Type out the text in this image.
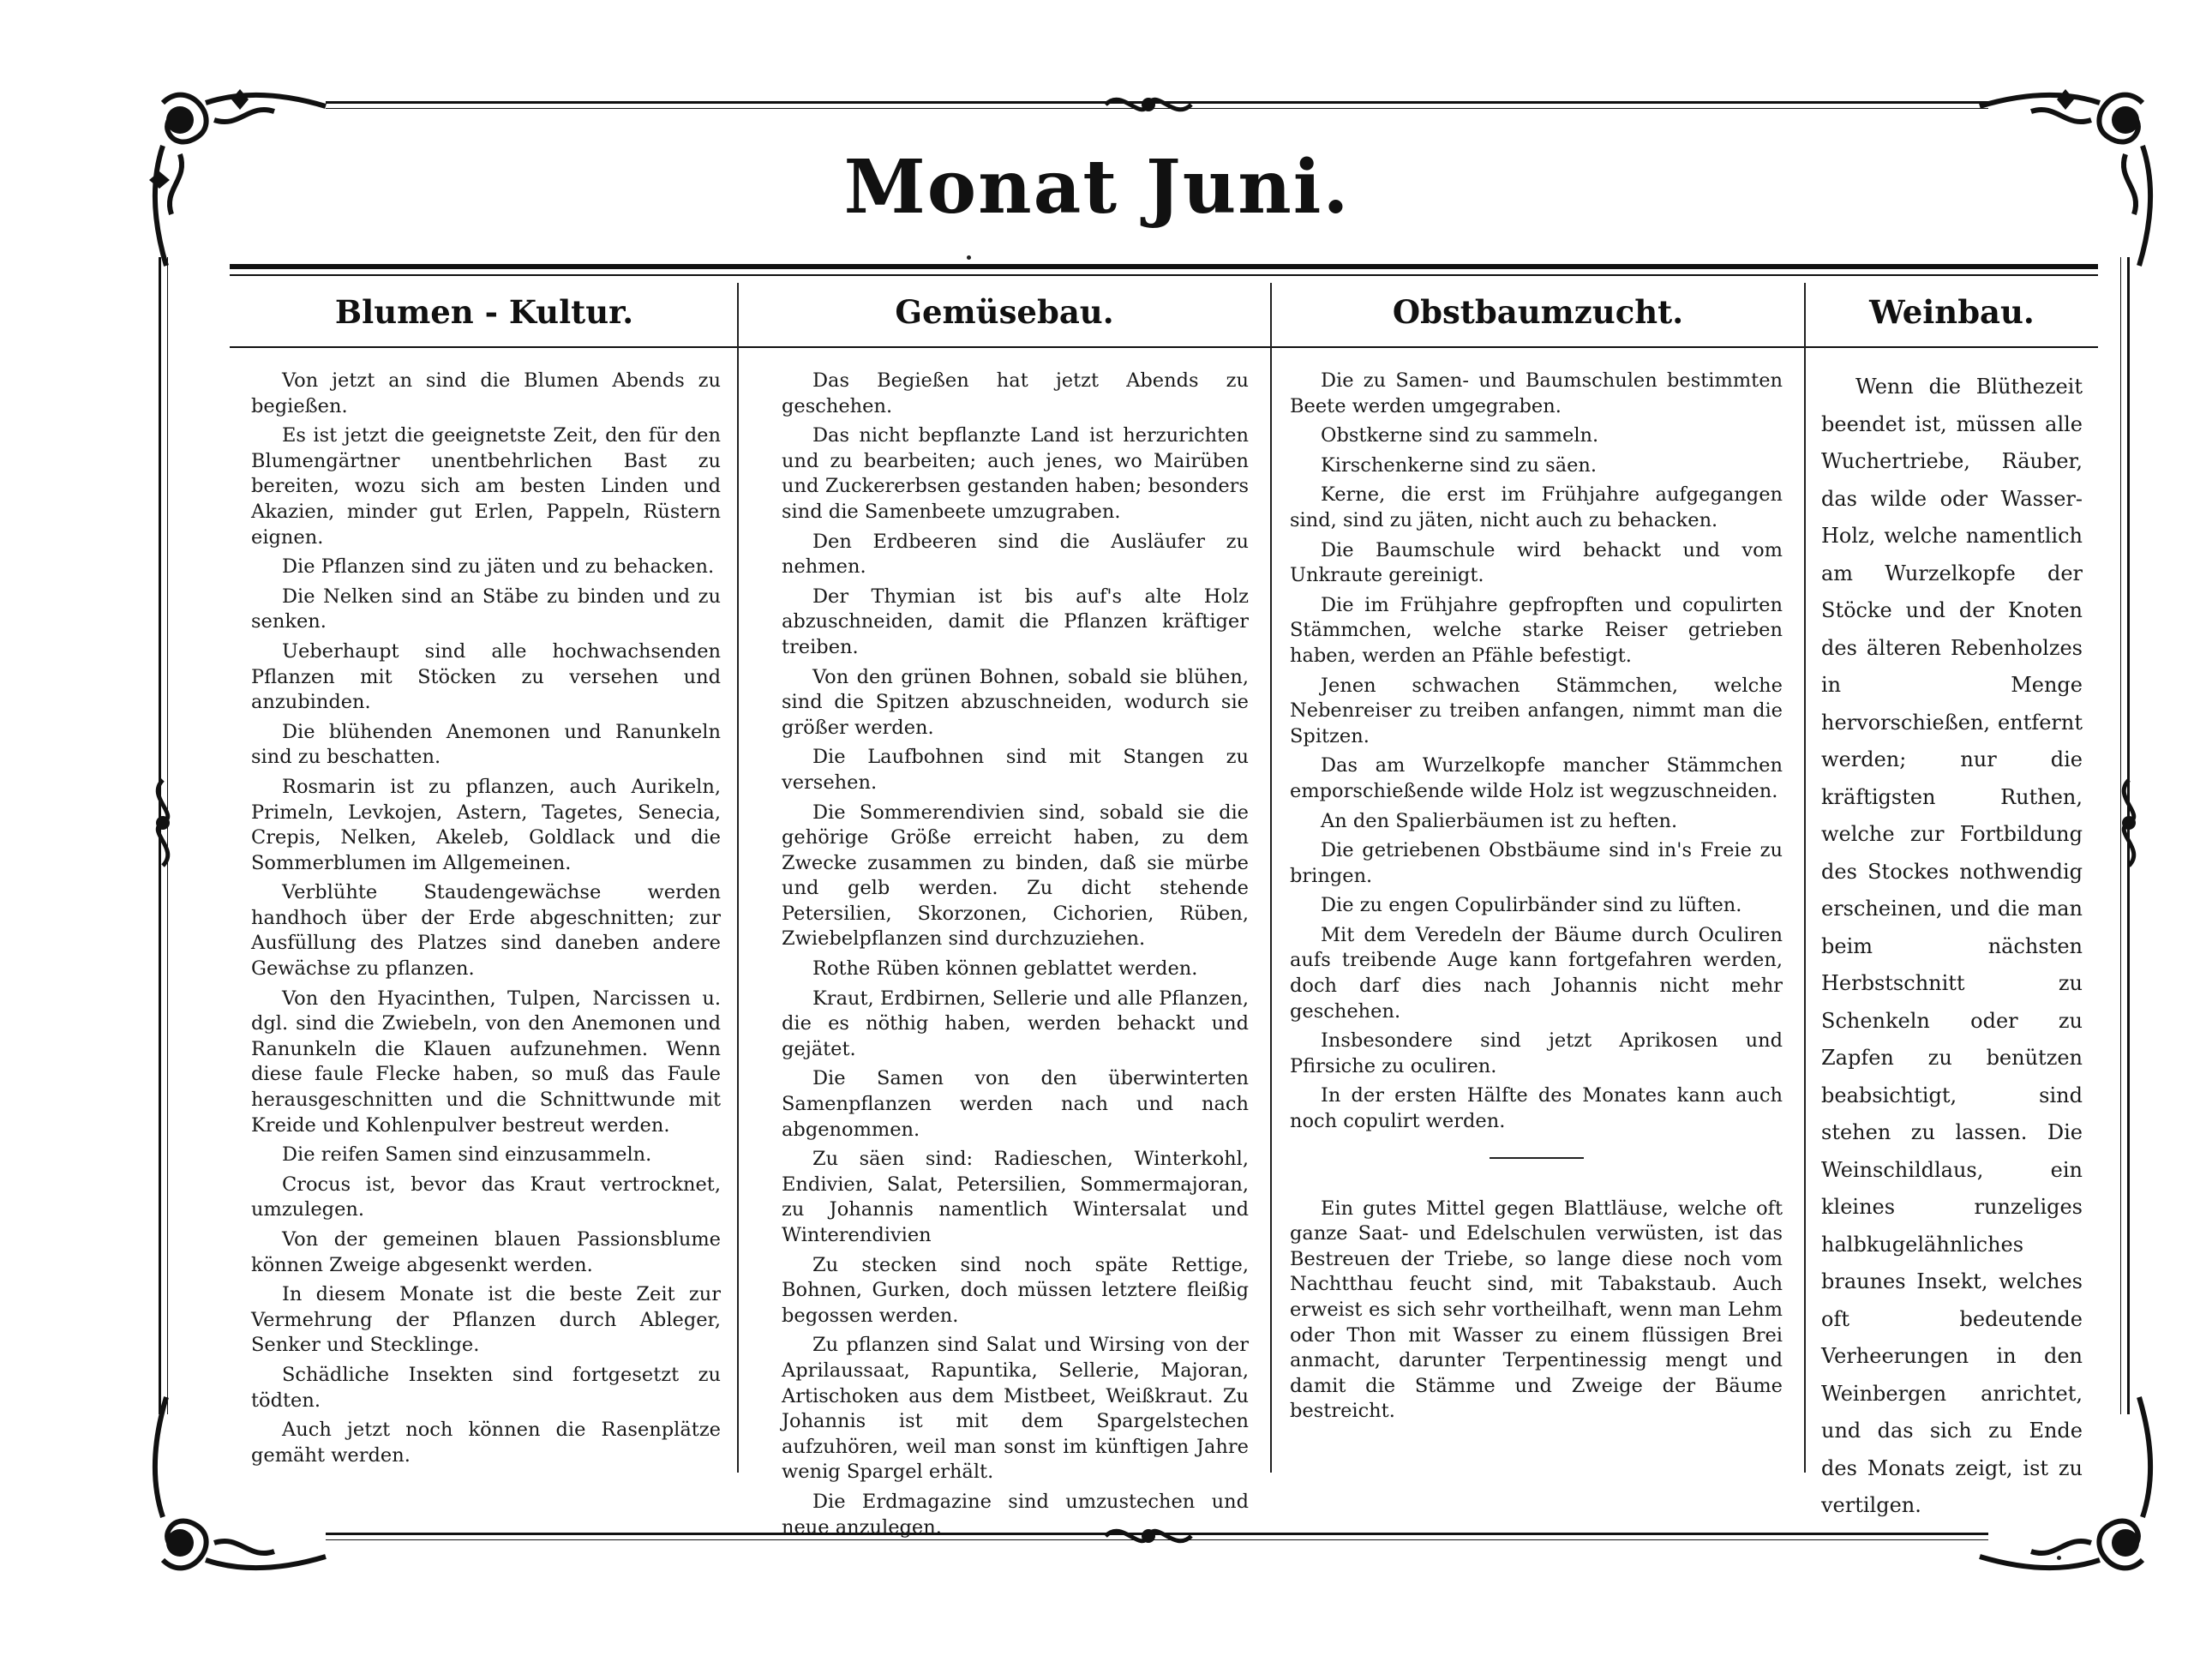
Monat Juni.
Blumen - Kultur.	Gemüsebau.	Obstbaumzucht.	Weinbau.

Von jetzt an sind die Blumen Abends zu begießen.

Es ist jetzt die geeignetste Zeit, den für den Blumengärtner unentbehrlichen Bast zu bereiten, wozu sich am besten Linden und Akazien, minder gut Erlen, Pappeln, Rüstern eignen.

Die Pflanzen sind zu jäten und zu behacken.

Die Nelken sind an Stäbe zu binden und zu senken.

Ueberhaupt sind alle hochwachsenden Pflanzen mit Stöcken zu versehen und anzubinden.

Die blühenden Anemonen und Ranunkeln sind zu beschatten.

Rosmarin ist zu pflanzen, auch Aurikeln, Primeln, Levkojen, Astern, Tagetes, Senecia, Crepis, Nelken, Akeleb, Goldlack und die Sommerblumen im Allgemeinen.

Verblühte Staudengewächse werden handhoch über der Erde abgeschnitten; zur Ausfüllung des Platzes sind daneben andere Gewächse zu pflanzen.

Von den Hyacinthen, Tulpen, Narcissen u. dgl. sind die Zwiebeln, von den Anemonen und Ranunkeln die Klauen aufzunehmen. Wenn diese faule Flecke haben, so muß das Faule herausgeschnitten und die Schnittwunde mit Kreide und Kohlenpulver bestreut werden.

Die reifen Samen sind einzusammeln.

Crocus ist, bevor das Kraut vertrocknet, umzulegen.

Von der gemeinen blauen Passionsblume können Zweige abgesenkt werden.

In diesem Monate ist die beste Zeit zur Vermehrung der Pflanzen durch Ableger, Senker und Stecklinge.

Schädliche Insekten sind fortgesetzt zu tödten.

Auch jetzt noch können die Rasenplätze gemäht werden.

Das Begießen hat jetzt Abends zu geschehen.

Das nicht bepflanzte Land ist herzurichten und zu bearbeiten; auch jenes, wo Mairüben und Zuckererbsen gestanden haben; besonders sind die Samenbeete umzugraben.

Den Erdbeeren sind die Ausläufer zu nehmen.

Der Thymian ist bis auf's alte Holz abzuschneiden, damit die Pflanzen kräftiger treiben.

Von den grünen Bohnen, sobald sie blühen, sind die Spitzen abzuschneiden, wodurch sie größer werden.

Die Laufbohnen sind mit Stangen zu versehen.

Die Sommerendivien sind, sobald sie die gehörige Größe erreicht haben, zu dem Zwecke zusammen zu binden, daß sie mürbe und gelb werden. Zu dicht stehende Petersilien, Skorzonen, Cichorien, Rüben, Zwiebelpflanzen sind durchzuziehen.

Rothe Rüben können geblattet werden.

Kraut, Erdbirnen, Sellerie und alle Pflanzen, die es nöthig haben, werden behackt und gejätet.

Die Samen von den überwinterten Samenpflanzen werden nach und nach abgenommen.

Zu säen sind: Radieschen, Winterkohl, Endivien, Salat, Petersilien, Sommermajoran, zu Johannis namentlich Wintersalat und Winterendivien

Zu stecken sind noch späte Rettige, Bohnen, Gurken, doch müssen letztere fleißig begossen werden.

Zu pflanzen sind Salat und Wirsing von der Aprilaussaat, Rapuntika, Sellerie, Majoran, Artischoken aus dem Mistbeet, Weißkraut. Zu Johannis ist mit dem Spargelstechen aufzuhören, weil man sonst im künftigen Jahre wenig Spargel erhält.

Die Erdmagazine sind umzustechen und neue anzulegen.

Die zu Samen- und Baumschulen bestimmten Beete werden umgegraben.

Obstkerne sind zu sammeln.

Kirschenkerne sind zu säen.

Kerne, die erst im Frühjahre aufgegangen sind, sind zu jäten, nicht auch zu behacken.

Die Baumschule wird behackt und vom Unkraute gereinigt.

Die im Frühjahre gepfropften und copulirten Stämmchen, welche starke Reiser getrieben haben, werden an Pfähle befestigt.

Jenen schwachen Stämmchen, welche Nebenreiser zu treiben anfangen, nimmt man die Spitzen.

Das am Wurzelkopfe mancher Stämmchen emporschießende wilde Holz ist wegzuschneiden.

An den Spalierbäumen ist zu heften.

Die getriebenen Obstbäume sind in's Freie zu bringen.

Die zu engen Copulirbänder sind zu lüften.

Mit dem Veredeln der Bäume durch Oculiren aufs treibende Auge kann fortgefahren werden, doch darf dies nach Johannis nicht mehr geschehen.

Insbesondere sind jetzt Aprikosen und Pfirsiche zu oculiren.

In der ersten Hälfte des Monates kann auch noch copulirt werden.

Ein gutes Mittel gegen Blattläuse, welche oft ganze Saat- und Edelschulen verwüsten, ist das Bestreuen der Triebe, so lange diese noch vom Nachtthau feucht sind, mit Tabakstaub. Auch erweist es sich sehr vortheilhaft, wenn man Lehm oder Thon mit Wasser zu einem flüssigen Brei anmacht, darunter Terpentinessig mengt und damit die Stämme und Zweige der Bäume bestreicht.

Wenn die Blüthezeit beendet ist, müssen alle Wuchertriebe, Räuber, das wilde oder Wasser-Holz, welche namentlich am Wurzelkopfe der Stöcke und der Knoten des älteren Rebenholzes in Menge hervorschießen, entfernt werden; nur die kräftigsten Ruthen, welche zur Fortbildung des Stockes nothwendig erscheinen, und die man beim nächsten Herbstschnitt zu Schenkeln oder zu Zapfen zu benützen beabsichtigt, sind stehen zu lassen. Die Weinschildlaus, ein kleines runzeliges halbkugelähnliches braunes Insekt, welches oft bedeutende Verheerungen in den Weinbergen anrichtet, und das sich zu Ende des Monats zeigt, ist zu vertilgen.
